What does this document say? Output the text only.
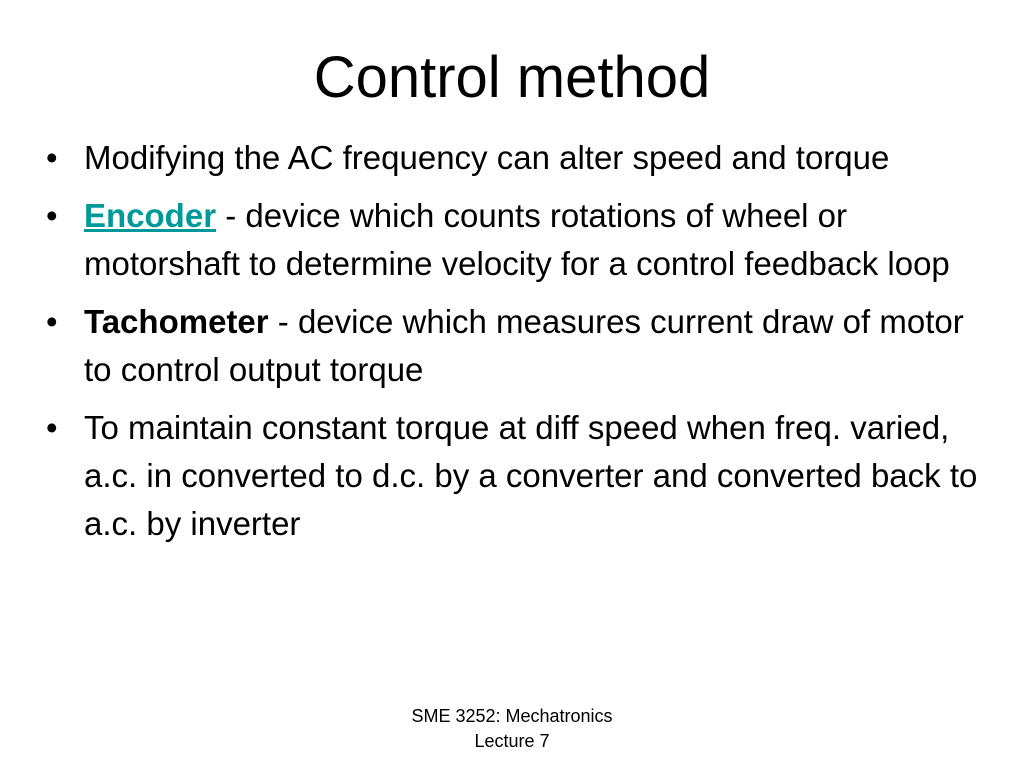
Control method
• Modifying the AC frequency can alter speed and torque
• Encoder - device which counts rotations of wheel or motorshaft to determine velocity for a control feedback loop
• Tachometer - device which measures current draw of motor to control output torque
• To maintain constant torque at diff speed when freq. varied, a.c. in converted to d.c. by a converter and converted back to a.c. by inverter
SME 3252: Mechatronics
Lecture 7
